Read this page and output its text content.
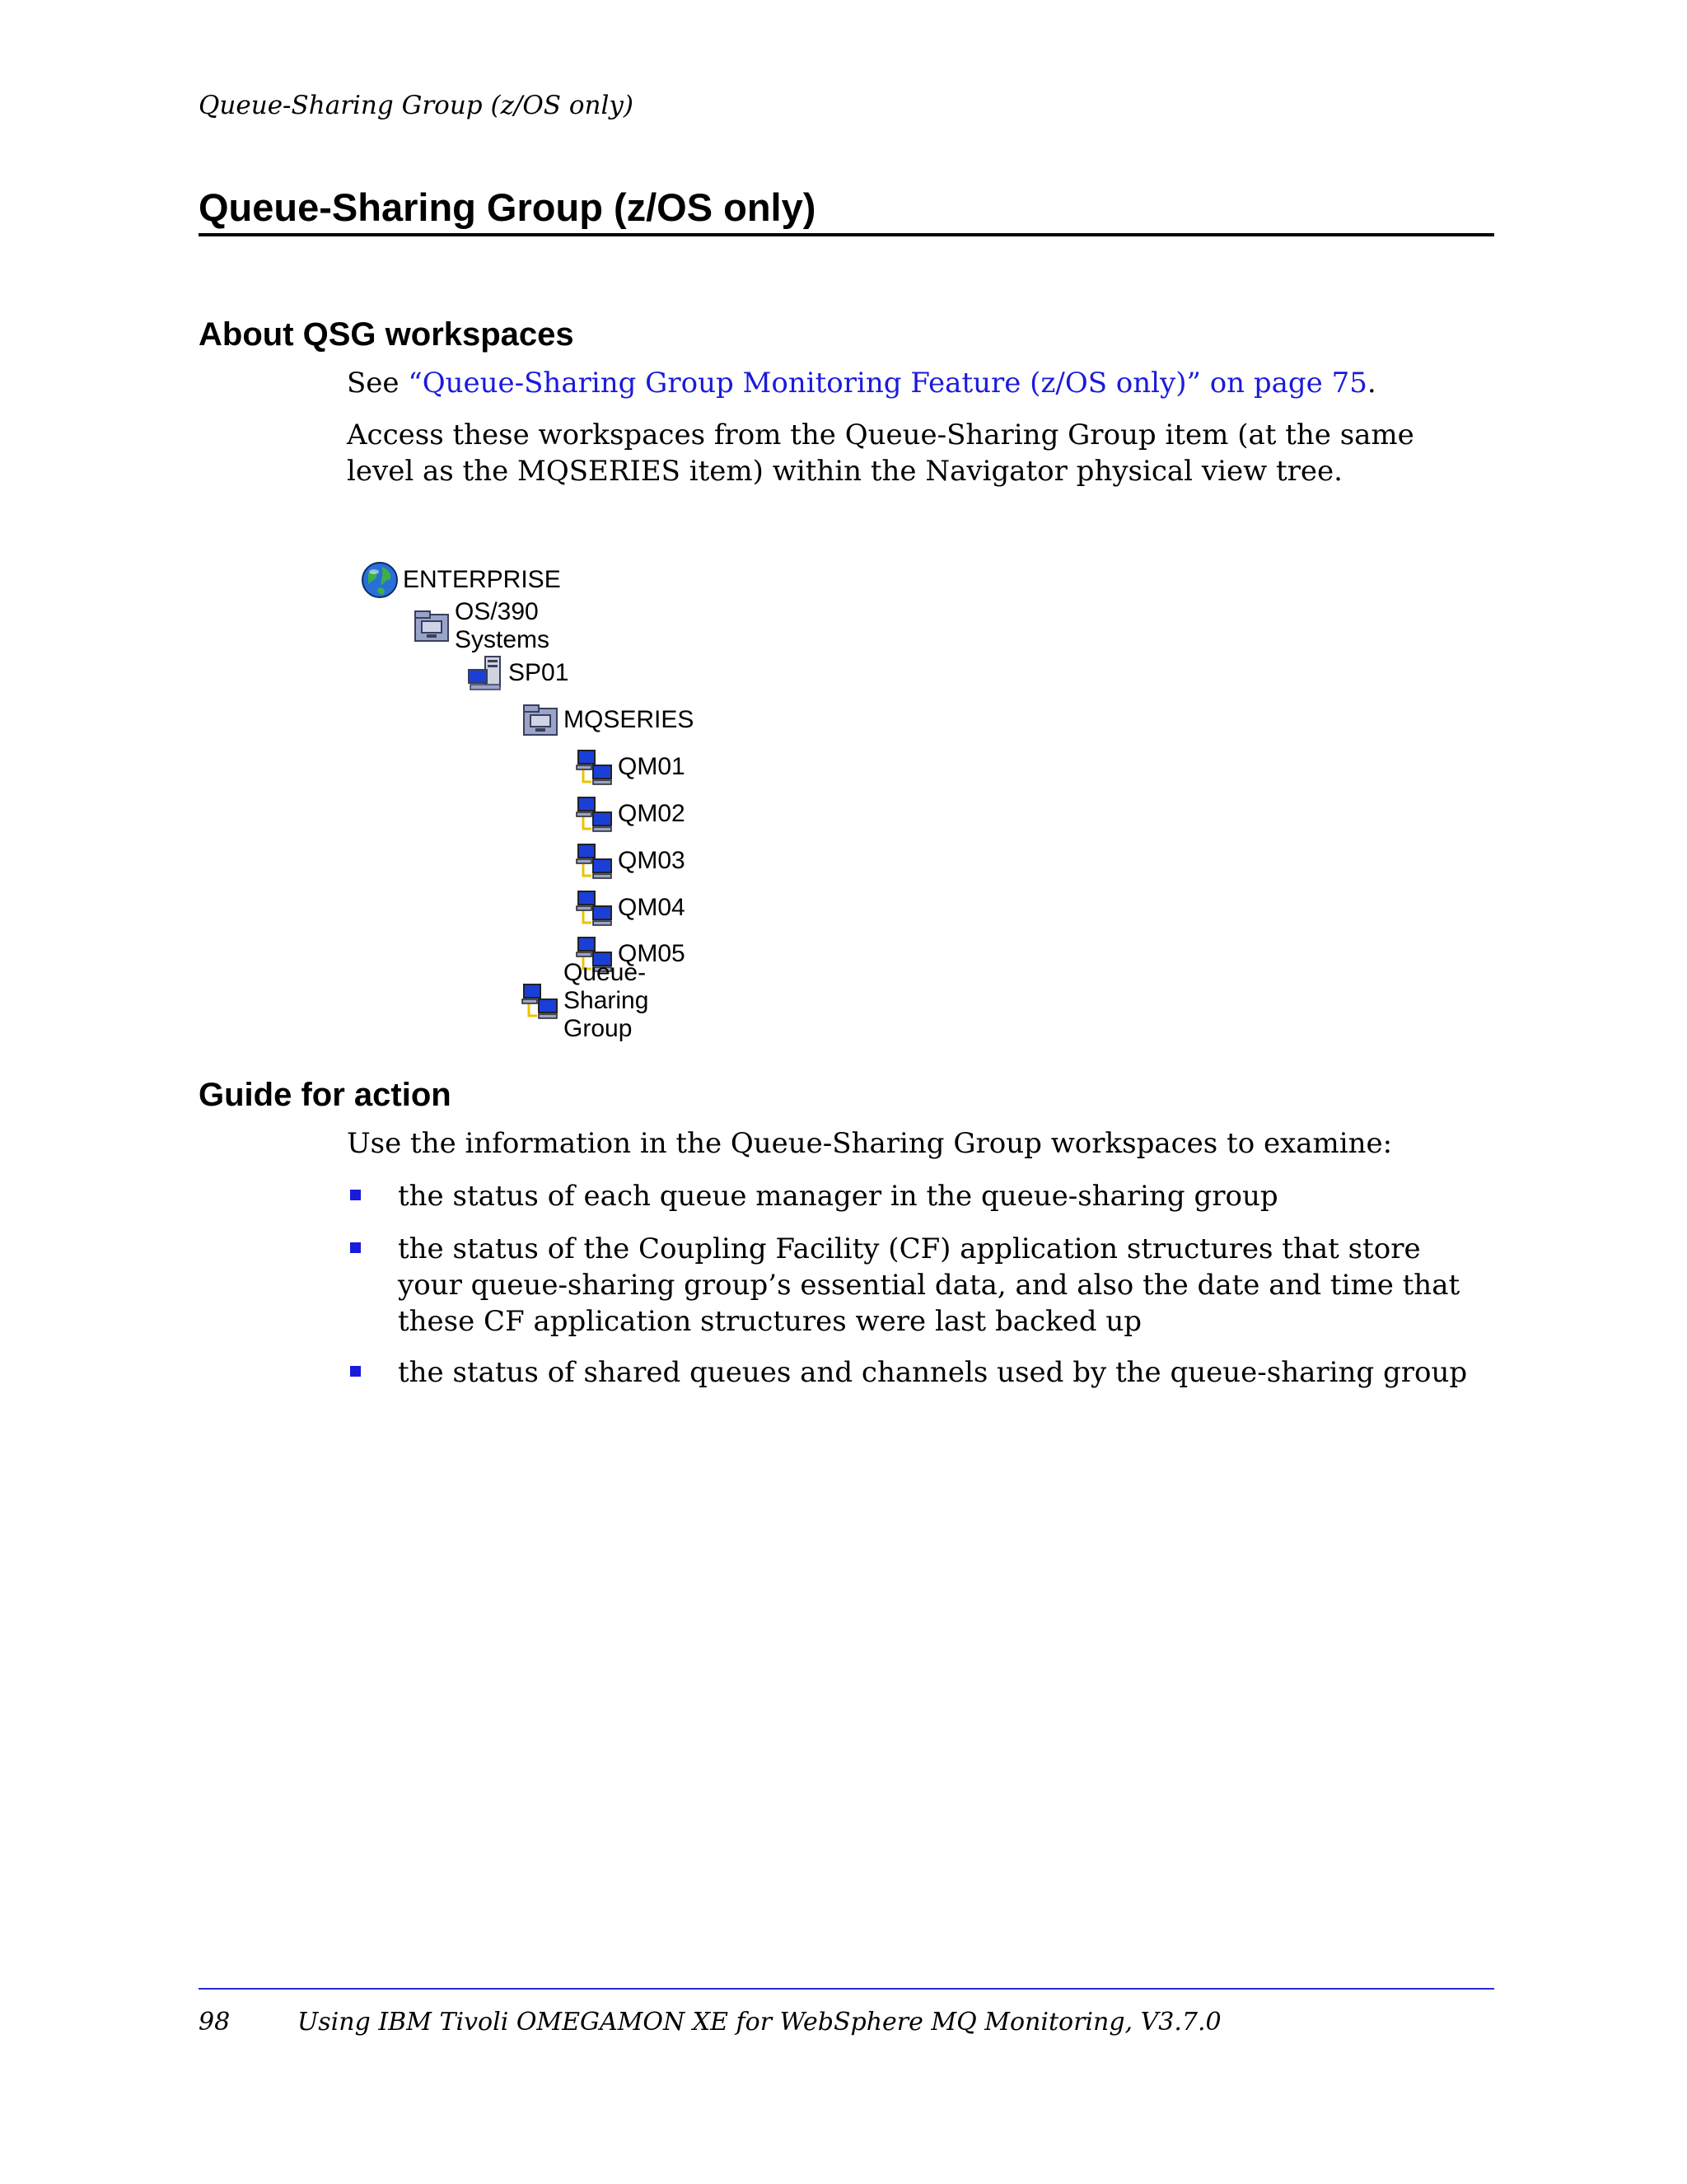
Queue-Sharing Group (z/OS only)
Queue-Sharing Group (z/OS only)
About QSG workspaces
See “Queue-Sharing Group Monitoring Feature (z/OS only)” on page 75.
Access these workspaces from the Queue-Sharing Group item (at the same level as the MQSERIES item) within the Navigator physical view tree.
ENTERPRISE
OS/390 Systems
SP01
MQSERIES
QM01
QM02
QM03
QM04
QM05
Queue-Sharing Group
Guide for action
Use the information in the Queue-Sharing Group workspaces to examine:
the status of each queue manager in the queue-sharing group
the status of the Coupling Facility (CF) application structures that store your queue-sharing group’s essential data, and also the date and time that these CF application structures were last backed up
the status of shared queues and channels used by the queue-sharing group
98	Using IBM Tivoli OMEGAMON XE for WebSphere MQ Monitoring, V3.7.0
